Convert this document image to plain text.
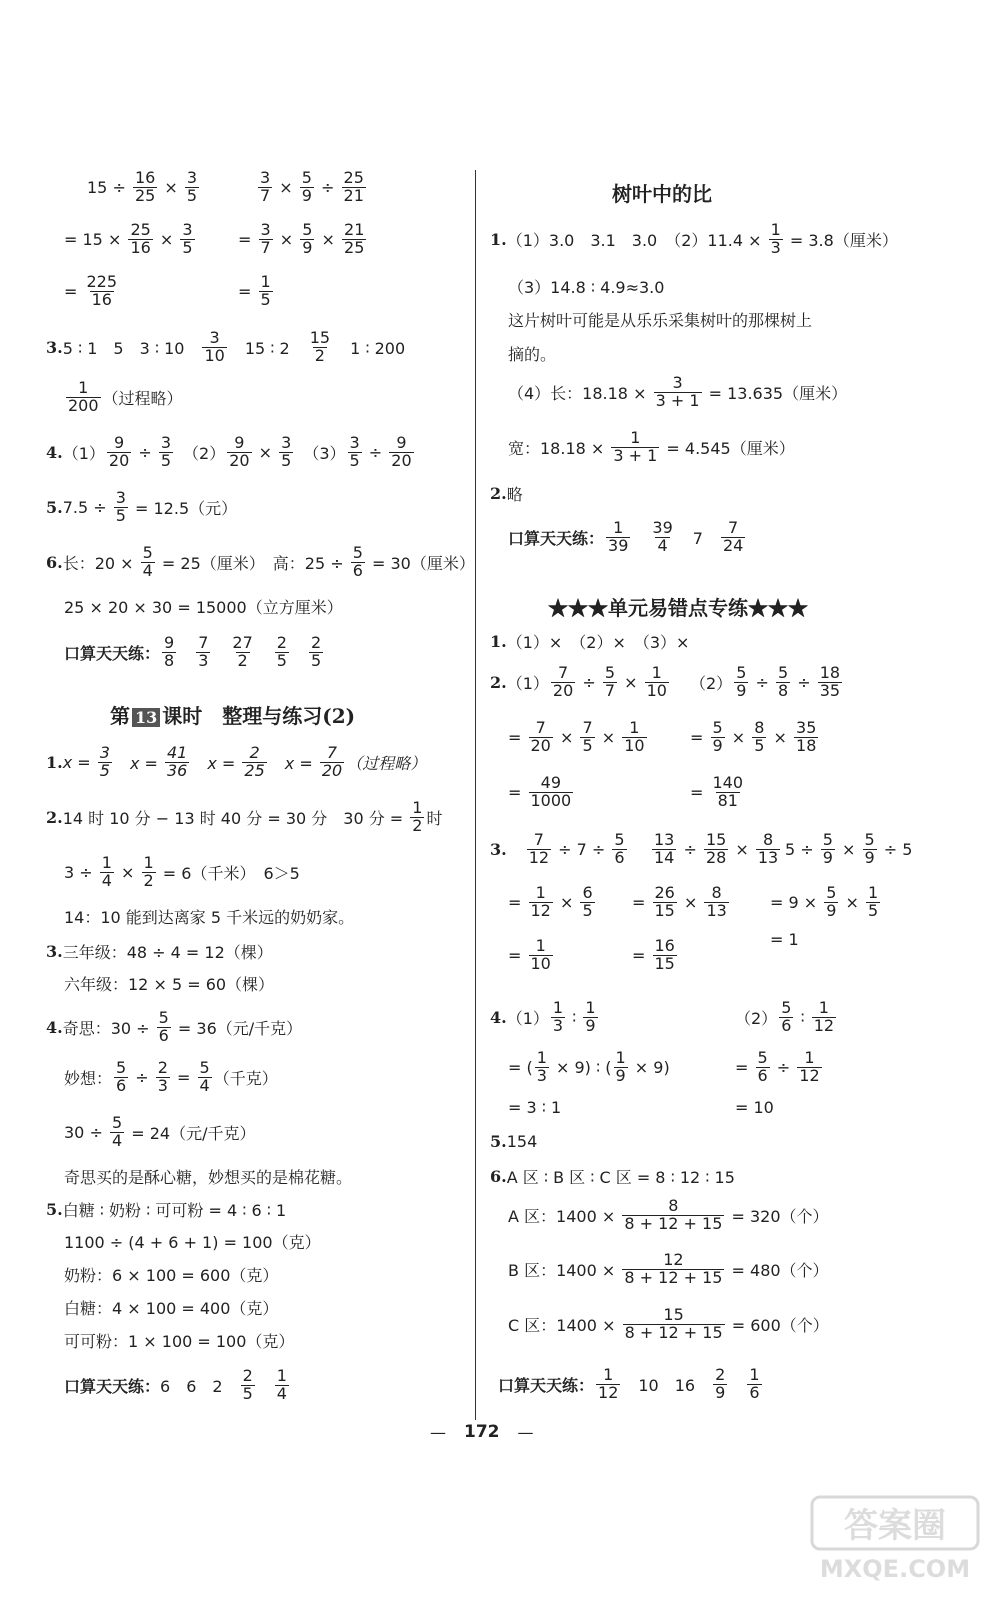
$15 \div \frac{16}{25} \times \frac{3}{5}$
= $15 \times \frac{25}{16} \times \frac{3}{5}$
= $\frac{225}{16}$
$\frac{3}{7} \times \frac{5}{9} \div \frac{25}{21}$
= $\frac{3}{7} \times \frac{5}{9} \times \frac{21}{25}$
= $\frac{1}{5}$
3. 5 ∶ 1　5　3 ∶ 10　 $\frac{3}{10}$ 　15 ∶ 2　 $\frac{15}{2}$ 　1 ∶ 200
$\frac{1}{200}$ （过程略）
4. $(1) \frac{9}{20} \div \frac{3}{5}$ 　$(2) \frac{9}{20} \times \frac{3}{5}$ 　$(3) \frac{3}{5} \div \frac{9}{20}$
5. $7.5 \div \frac{3}{5} = 12.5$（元）
6. 长：$20 \times \frac{5}{4} = 25$（厘米）　高：$25 \div \frac{5}{6} = 30$（厘米）
25 × 20 × 30 = 15000（立方厘米）
口算天天练： $\frac{9}{8}$
　 $\frac{7}{3}$
　 $\frac{27}{2}$
　 $\frac{2}{5}$
　 $\frac{2}{5}$
第 13 课时　整理与练习(2)
1. $x = \frac{3}{5}$ 　$x = \frac{41}{36}$ 　$x = \frac{2}{25}$ 　$x = \frac{7}{20}$ （过程略）
2. 14 时 10 分 − 13 时 40 分 = 30 分　30 分 = $\frac{1}{2}$ 时
$3 \div \frac{1}{4} \times \frac{1}{2} = 6$（千米）　6＞5
14：10 能到达离家 5 千米远的奶奶家。
3. 三年级：48 ÷ 4 = 12（棵）
六年级：12 × 5 = 60（棵）
4. 奇思：$30 \div \frac{5}{6} = 36$（元/千克）
妙想： $\frac{5}{6} \div \frac{2}{3} = \frac{5}{4}$ （千克）
$30 \div \frac{5}{4} = 24$（元/千克）
奇思买的是酥心糖，妙想买的是棉花糖。
5. 白糖 ∶ 奶粉 ∶ 可可粉 = 4 ∶ 6 ∶ 1
1100 ÷ (4 + 6 + 1) = 100（克）
奶粉：6 × 100 = 600（克）
白糖：4 × 100 = 400（克）
可可粉：1 × 100 = 100（克）
口算天天练： 6　6　2　 $\frac{2}{5}$
　 $\frac{1}{4}$
树叶中的比
1. （1）3.0　3.1　3.0　$(2)11.4 \times \frac{1}{3} = 3.8$（厘米）
（3）14.8 ∶ 4.9≈3.0
这片树叶可能是从乐乐采集树叶的那棵树上
摘的。
（4）长：$18.18 \times \frac{3}{3 + 1} = 13.635$（厘米）
宽：$18.18 \times \frac{1}{3 + 1} = 4.545$（厘米）
2. 略
口算天天练： $\frac{1}{39}$
　 $\frac{39}{4}$ 　7　 $\frac{7}{24}$
★★★单元易错点专练★★★
1. （1）×　（2）×　（3）×
2. $(1) \frac{7}{20} \div \frac{5}{7} \times \frac{1}{10}$
= $\frac{7}{20} \times \frac{7}{5} \times \frac{1}{10}$
= $\frac{49}{1000}$
$(2) \frac{5}{9} \div \frac{5}{8} \div \frac{18}{35}$
= $\frac{5}{9} \times \frac{8}{5} \times \frac{35}{18}$
= $\frac{140}{81}$
3. $\frac{7}{12} \div 7 \div \frac{5}{6}$
= $\frac{1}{12} \times \frac{6}{5}$
= $\frac{1}{10}$
$\frac{13}{14} \div \frac{15}{28} \times \frac{8}{13}$
= $\frac{26}{15} \times \frac{8}{13}$
= $\frac{16}{15}$
$5 \div \frac{5}{9} \times \frac{5}{9} \div 5$
= $9 \times \frac{5}{9} \times \frac{1}{5}$
= 1
4. $(1) \frac{1}{3}$ ∶ $\frac{1}{9}$
= ( $\frac{1}{3} \times 9$) ∶ ( $\frac{1}{9} \times 9$)
= 3 ∶ 1
$(2) \frac{5}{6}$ ∶ $\frac{1}{12}$
= $\frac{5}{6} \div \frac{1}{12}$
= 10
5. 154
6. A 区 ∶ B 区 ∶ C 区 = 8 ∶ 12 ∶ 15
A 区：$1400 \times \frac{8}{8 + 12 + 15} = 320$（个）
B 区：$1400 \times \frac{12}{8 + 12 + 15} = 480$（个）
C 区：$1400 \times \frac{15}{8 + 12 + 15} = 600$（个）
口算天天练： $\frac{1}{12}$ 　10　16　 $\frac{2}{9}$
　 $\frac{1}{6}$
— 172 —
答案圈
MXQE.COM
